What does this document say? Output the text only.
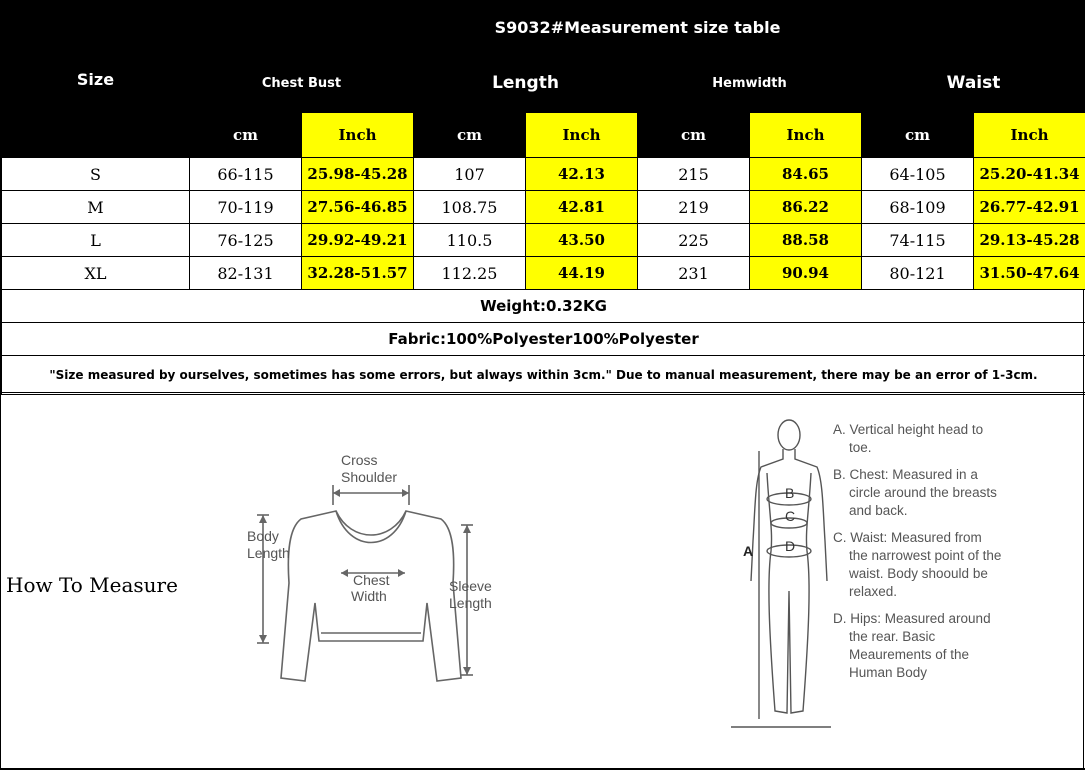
Size	S9032#Measurement size table							
	Chest Bust		Length		Hemwidth		Waist	
	cm	Inch	cm	Inch	cm	Inch	cm	Inch
S	66-115	25.98-45.28	107	42.13	215	84.65	64-105	25.20-41.34
M	70-119	27.56-46.85	108.75	42.81	219	86.22	68-109	26.77-42.91
L	76-125	29.92-49.21	110.5	43.50	225	88.58	74-115	29.13-45.28
XL	82-131	32.28-51.57	112.25	44.19	231	90.94	80-121	31.50-47.64
Weight:0.32KG								
Fabric:100%Polyester100%Polyester								
"Size measured by ourselves, sometimes has some errors, but always within 3cm." Due to manual measurement, there may be an error of 1-3cm.								
How To Measure
Cross
Shoulder
Body
Length
Chest
Width
Sleeve
Length
A
B
C
D

A. Vertical height head to toe.

B. Chest: Measured in a circle around the breasts and back.

C. Waist: Measured from the narrowest point of the waist. Body shoould be relaxed.

D. Hips: Measured around the rear. Basic Meaurements of the Human Body
